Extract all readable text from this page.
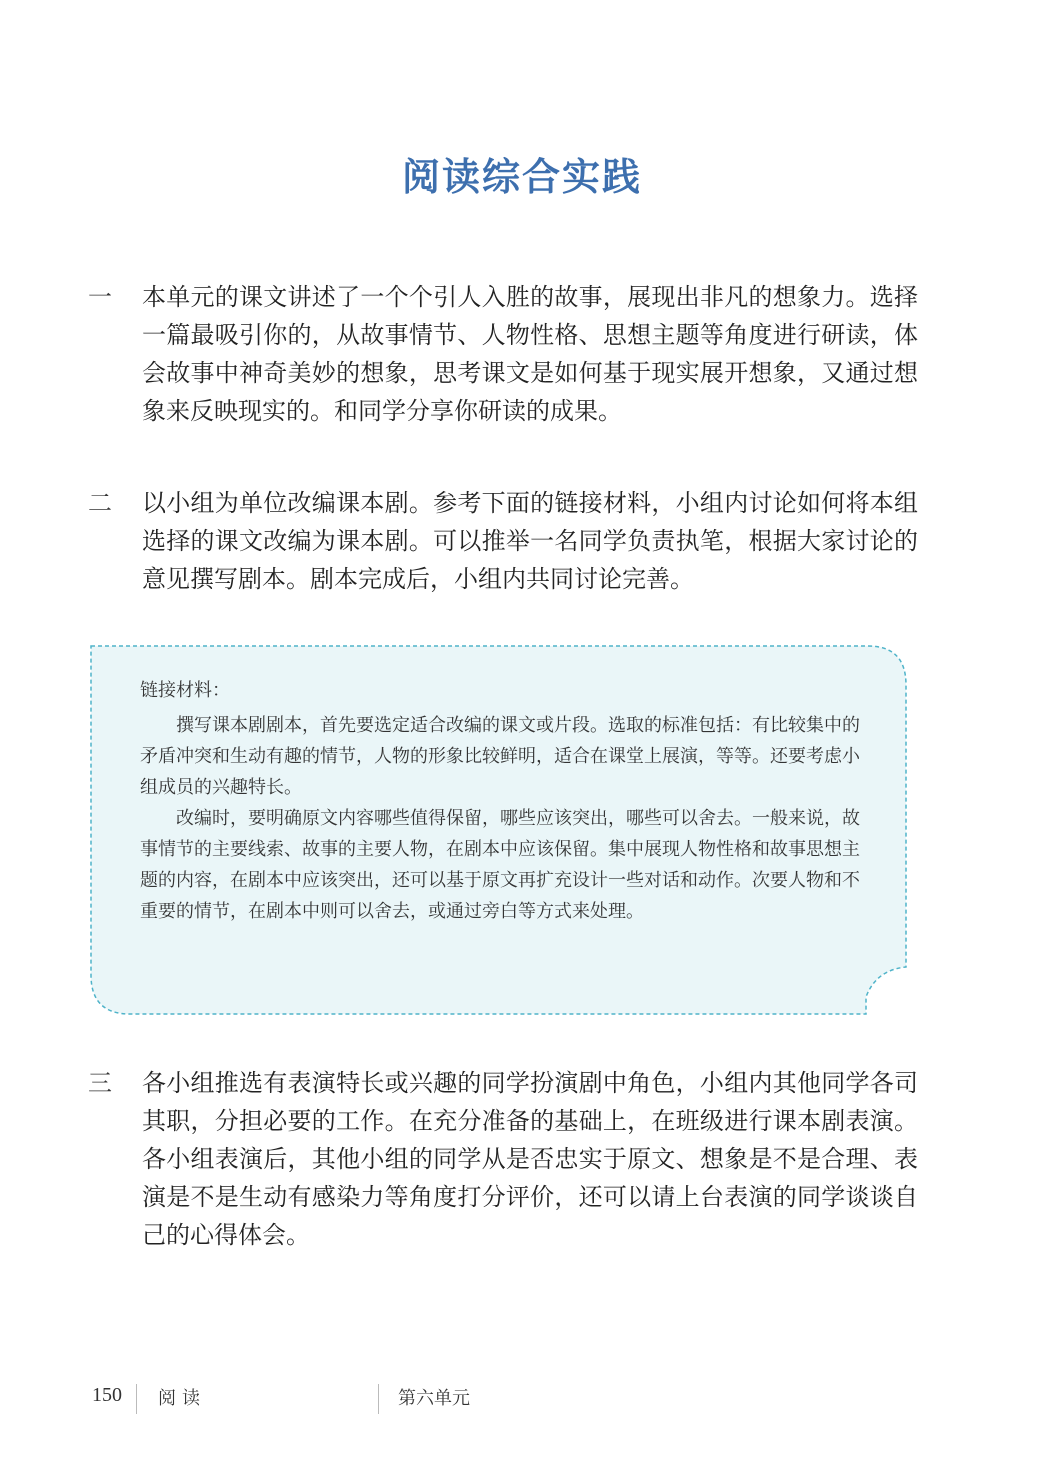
阅读综合实践
一	本单元的课文讲述了一个个引人入胜的故事，展现出非凡的想象力。选择一篇最吸引你的，从故事情节、人物性格、思想主题等角度进行研读，体会故事中神奇美妙的想象，思考课文是如何基于现实展开想象，又通过想象来反映现实的。和同学分享你研读的成果。
二	以小组为单位改编课本剧。参考下面的链接材料，小组内讨论如何将本组选择的课文改编为课本剧。可以推举一名同学负责执笔，根据大家讨论的意见撰写剧本。剧本完成后，小组内共同讨论完善。
链接材料：
撰写课本剧剧本，首先要选定适合改编的课文或片段。选取的标准包括：有比较集中的矛盾冲突和生动有趣的情节，人物的形象比较鲜明，适合在课堂上展演，等等。还要考虑小组成员的兴趣特长。
改编时，要明确原文内容哪些值得保留，哪些应该突出，哪些可以舍去。一般来说，故事情节的主要线索、故事的主要人物，在剧本中应该保留。集中展现人物性格和故事思想主题的内容，在剧本中应该突出，还可以基于原文再扩充设计一些对话和动作。次要人物和不重要的情节，在剧本中则可以舍去，或通过旁白等方式来处理。
三	各小组推选有表演特长或兴趣的同学扮演剧中角色，小组内其他同学各司其职，分担必要的工作。在充分准备的基础上，在班级进行课本剧表演。各小组表演后，其他小组的同学从是否忠实于原文、想象是不是合理、表演是不是生动有感染力等角度打分评价，还可以请上台表演的同学谈谈自己的心得体会。
150 阅读	第六单元
